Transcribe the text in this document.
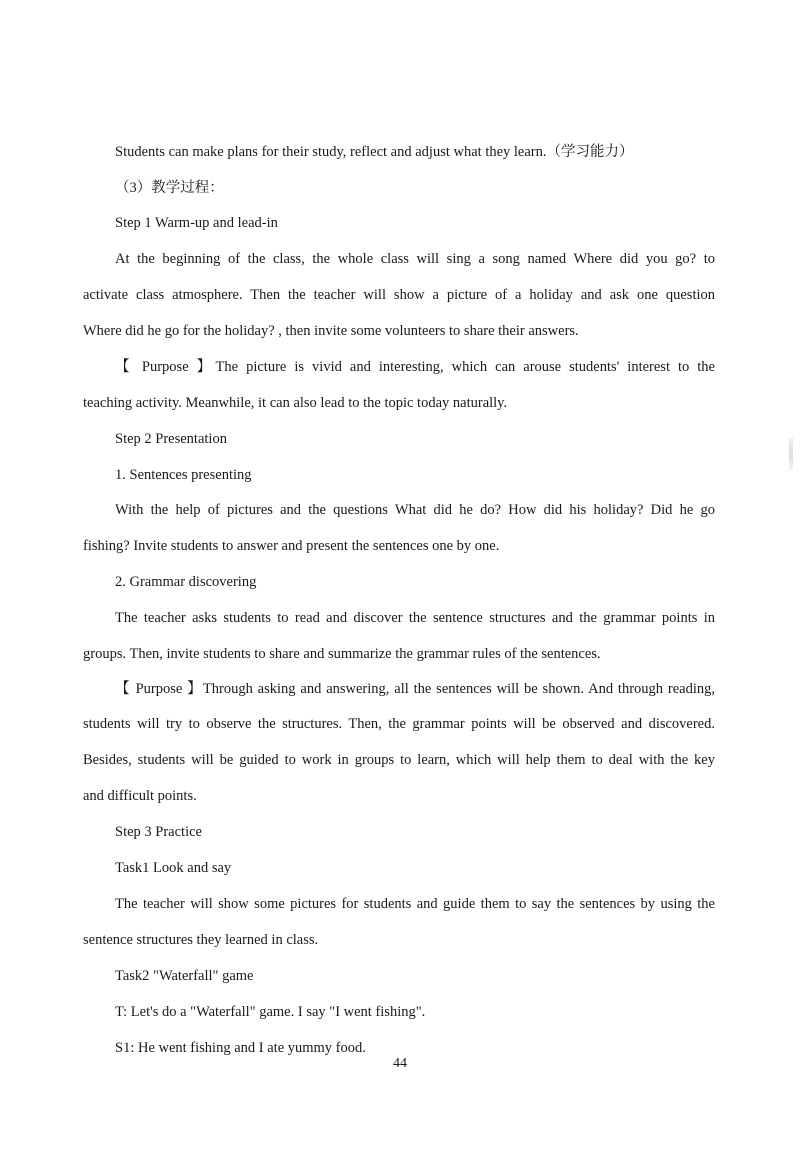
Students can make plans for their study, reflect and adjust what they learn.（学习能力）
（3）教学过程：
Step 1 Warm-up and lead-in
At the beginning of the class, the whole class will sing a song named Where did you go? to
activate class atmosphere. Then the teacher will show a picture of a holiday and ask one question
Where did he go for the holiday? , then invite some volunteers to share their answers.
【 Purpose 】The picture is vivid and interesting, which can arouse students' interest to the
teaching activity. Meanwhile, it can also lead to the topic today naturally.
Step 2 Presentation
1. Sentences presenting
With the help of pictures and the questions What did he do? How did his holiday? Did he go
fishing? Invite students to answer and present the sentences one by one.
2. Grammar discovering
The teacher asks students to read and discover the sentence structures and the grammar points in
groups. Then, invite students to share and summarize the grammar rules of the sentences.
【 Purpose 】Through asking and answering, all the sentences will be shown. And through reading,
students will try to observe the structures. Then, the grammar points will be observed and discovered.
Besides, students will be guided to work in groups to learn, which will help them to deal with the key
and difficult points.
Step 3 Practice
Task1 Look and say
The teacher will show some pictures for students and guide them to say the sentences by using the
sentence structures they learned in class.
Task2 "Waterfall" game
T: Let's do a "Waterfall" game. I say "I went fishing".
S1: He went fishing and I ate yummy food.
44
